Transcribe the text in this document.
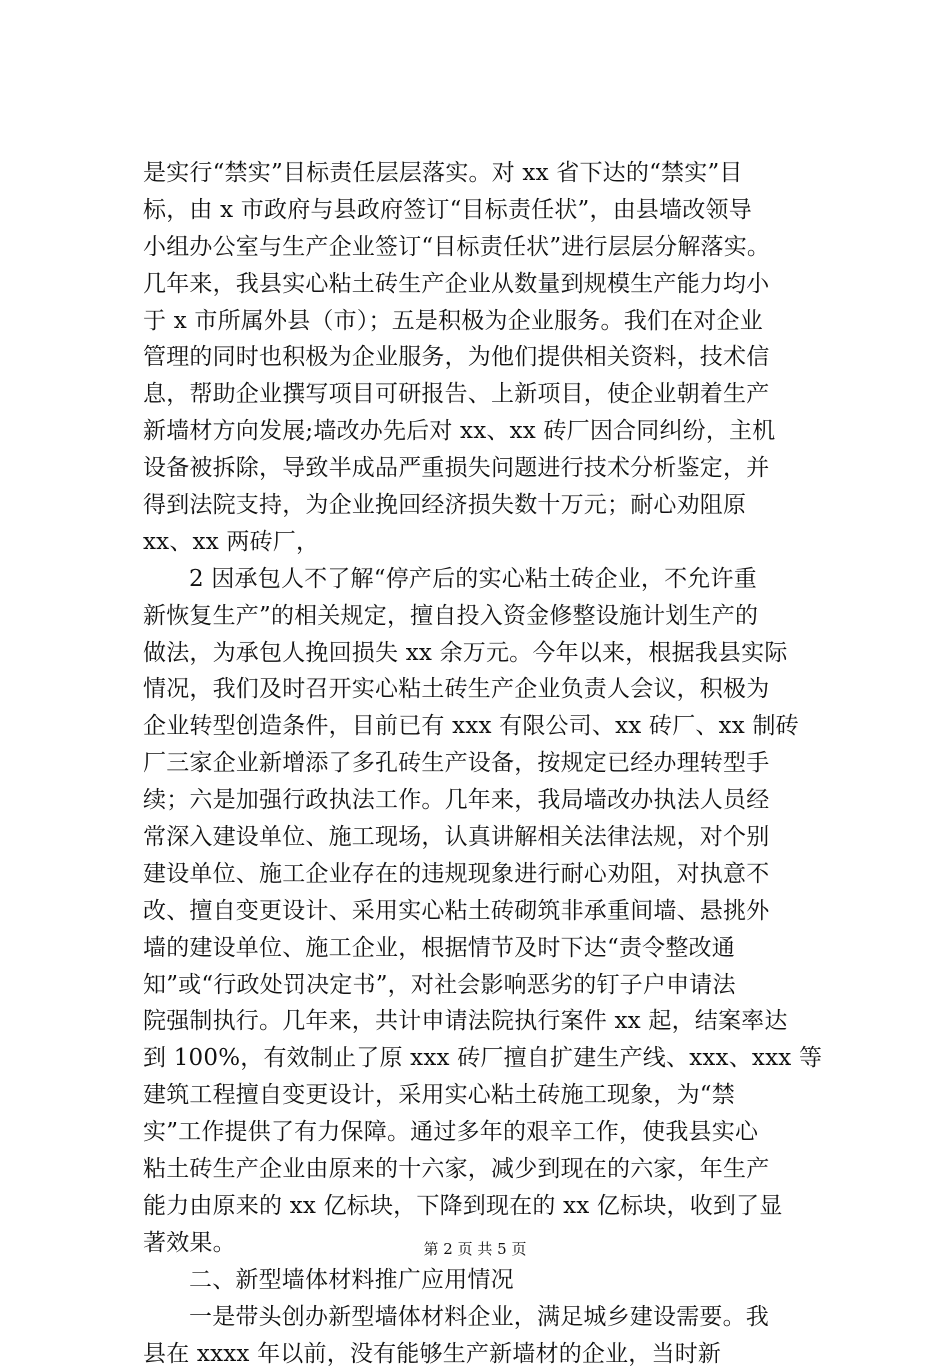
是实行“禁实”目标责任层层落实。对 xx 省下达的“禁实”目
标，由 x 市政府与县政府签订“目标责任状”，由县墙改领导
小组办公室与生产企业签订“目标责任状”进行层层分解落实。
几年来，我县实心粘土砖生产企业从数量到规模生产能力均小
于 x 市所属外县（市）；五是积极为企业服务。我们在对企业
管理的同时也积极为企业服务，为他们提供相关资料，技术信
息，帮助企业撰写项目可研报告、上新项目，使企业朝着生产
新墙材方向发展;墙改办先后对 xx、xx 砖厂因合同纠纷，主机
设备被拆除，导致半成品严重损失问题进行技术分析鉴定，并
得到法院支持，为企业挽回经济损失数十万元；耐心劝阻原
xx、xx 两砖厂，
2 因承包人不了解“停产后的实心粘土砖企业，不允许重
新恢复生产”的相关规定，擅自投入资金修整设施计划生产的
做法，为承包人挽回损失 xx 余万元。今年以来，根据我县实际
情况，我们及时召开实心粘土砖生产企业负责人会议，积极为
企业转型创造条件，目前已有 xxx 有限公司、xx 砖厂、xx 制砖
厂三家企业新增添了多孔砖生产设备，按规定已经办理转型手
续；六是加强行政执法工作。几年来，我局墙改办执法人员经
常深入建设单位、施工现场，认真讲解相关法律法规，对个别
建设单位、施工企业存在的违规现象进行耐心劝阻，对执意不
改、擅自变更设计、采用实心粘土砖砌筑非承重间墙、悬挑外
墙的建设单位、施工企业，根据情节及时下达“责令整改通
知”或“行政处罚决定书”，对社会影响恶劣的钉子户申请法
院强制执行。几年来，共计申请法院执行案件 xx 起，结案率达
到 100%，有效制止了原 xxx 砖厂擅自扩建生产线、xxx、xxx 等
建筑工程擅自变更设计，采用实心粘土砖施工现象，为“禁
实”工作提供了有力保障。通过多年的艰辛工作，使我县实心
粘土砖生产企业由原来的十六家，减少到现在的六家，年生产
能力由原来的 xx 亿标块，下降到现在的 xx 亿标块，收到了显
著效果。
二、新型墙体材料推广应用情况
一是带头创办新型墙体材料企业，满足城乡建设需要。我
县在 xxxx 年以前，没有能够生产新墙材的企业，当时新
第 2 页 共 5 页
